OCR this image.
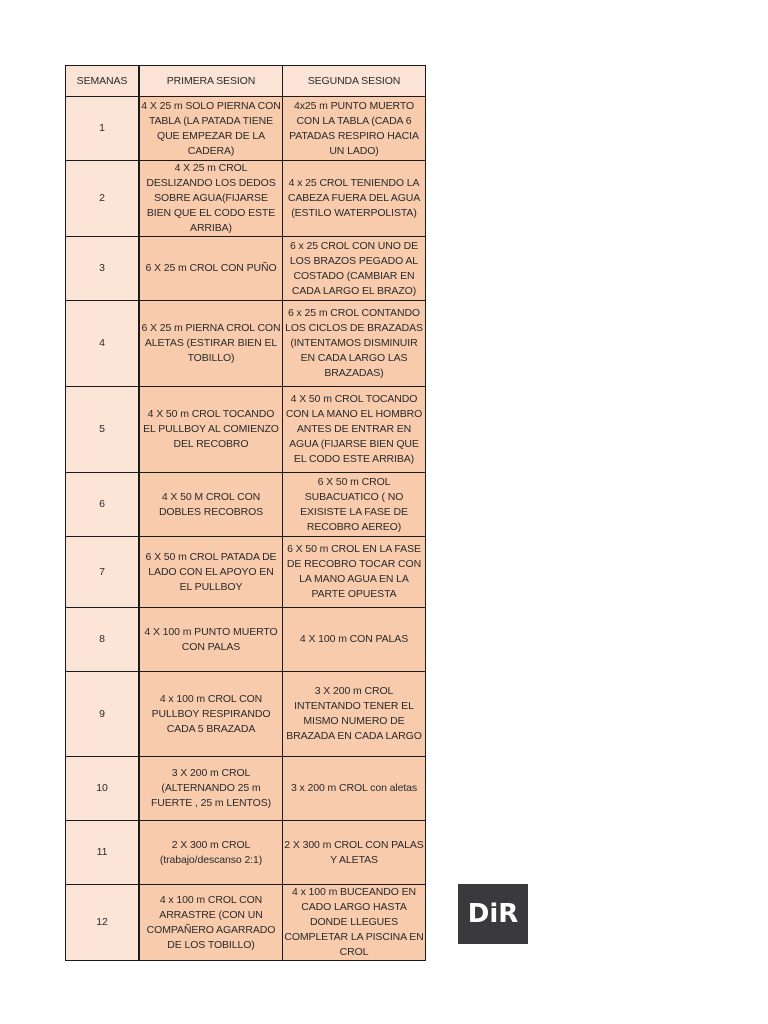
SEMANAS	PRIMERA SESION	SEGUNDA SESION
1	4 X 25 m SOLO PIERNA CON TABLA (LA PATADA TIENE QUE EMPEZAR DE LA CADERA)	4x25 m PUNTO MUERTO CON LA TABLA (CADA 6 PATADAS RESPIRO HACIA UN LADO)
2	4 X 25 m CROL DESLIZANDO LOS DEDOS SOBRE AGUA(FIJARSE BIEN QUE EL CODO ESTE ARRIBA)	4 x 25 CROL TENIENDO LA CABEZA FUERA DEL AGUA (ESTILO WATERPOLISTA)
3	6 X 25 m CROL CON PUÑO	6 x 25 CROL CON UNO DE LOS BRAZOS PEGADO AL COSTADO (CAMBIAR EN CADA LARGO EL BRAZO)
4	6 X 25 m PIERNA CROL CON ALETAS (ESTIRAR BIEN EL TOBILLO)	6 x 25 m CROL CONTANDO LOS CICLOS DE BRAZADAS (INTENTAMOS DISMINUIR EN CADA LARGO LAS BRAZADAS)
5	4 X 50 m CROL TOCANDO EL PULLBOY AL COMIENZO DEL RECOBRO	4 X 50 m CROL TOCANDO CON LA MANO EL HOMBRO ANTES DE ENTRAR EN AGUA (FIJARSE BIEN QUE EL CODO ESTE ARRIBA)
6	4 X 50 M CROL CON DOBLES RECOBROS	6 X 50 m CROL SUBACUATICO ( NO EXISISTE LA FASE DE RECOBRO AEREO)
7	6 X 50 m CROL PATADA DE LADO CON EL APOYO EN EL PULLBOY	6 X 50 m CROL EN LA FASE DE RECOBRO TOCAR CON LA MANO AGUA EN LA PARTE OPUESTA
8	4 X 100 m PUNTO MUERTO CON PALAS	4 X 100 m CON PALAS
9	4 x 100 m CROL CON PULLBOY RESPIRANDO CADA 5 BRAZADA	3 X 200 m CROL INTENTANDO TENER EL MISMO NUMERO DE BRAZADA EN CADA LARGO
10	3 X 200 m CROL (ALTERNANDO 25 m FUERTE , 25 m LENTOS)	3 x 200 m CROL con aletas
11	2 X 300 m CROL (trabajo/descanso 2:1)	2 X 300 m CROL CON PALAS Y ALETAS
12	4 x 100 m CROL CON ARRASTRE (CON UN COMPAÑERO AGARRADO DE LOS TOBILLO)	4 x 100 m BUCEANDO EN CADO LARGO HASTA DONDE LLEGUES COMPLETAR LA PISCINA EN CROL
DiR
